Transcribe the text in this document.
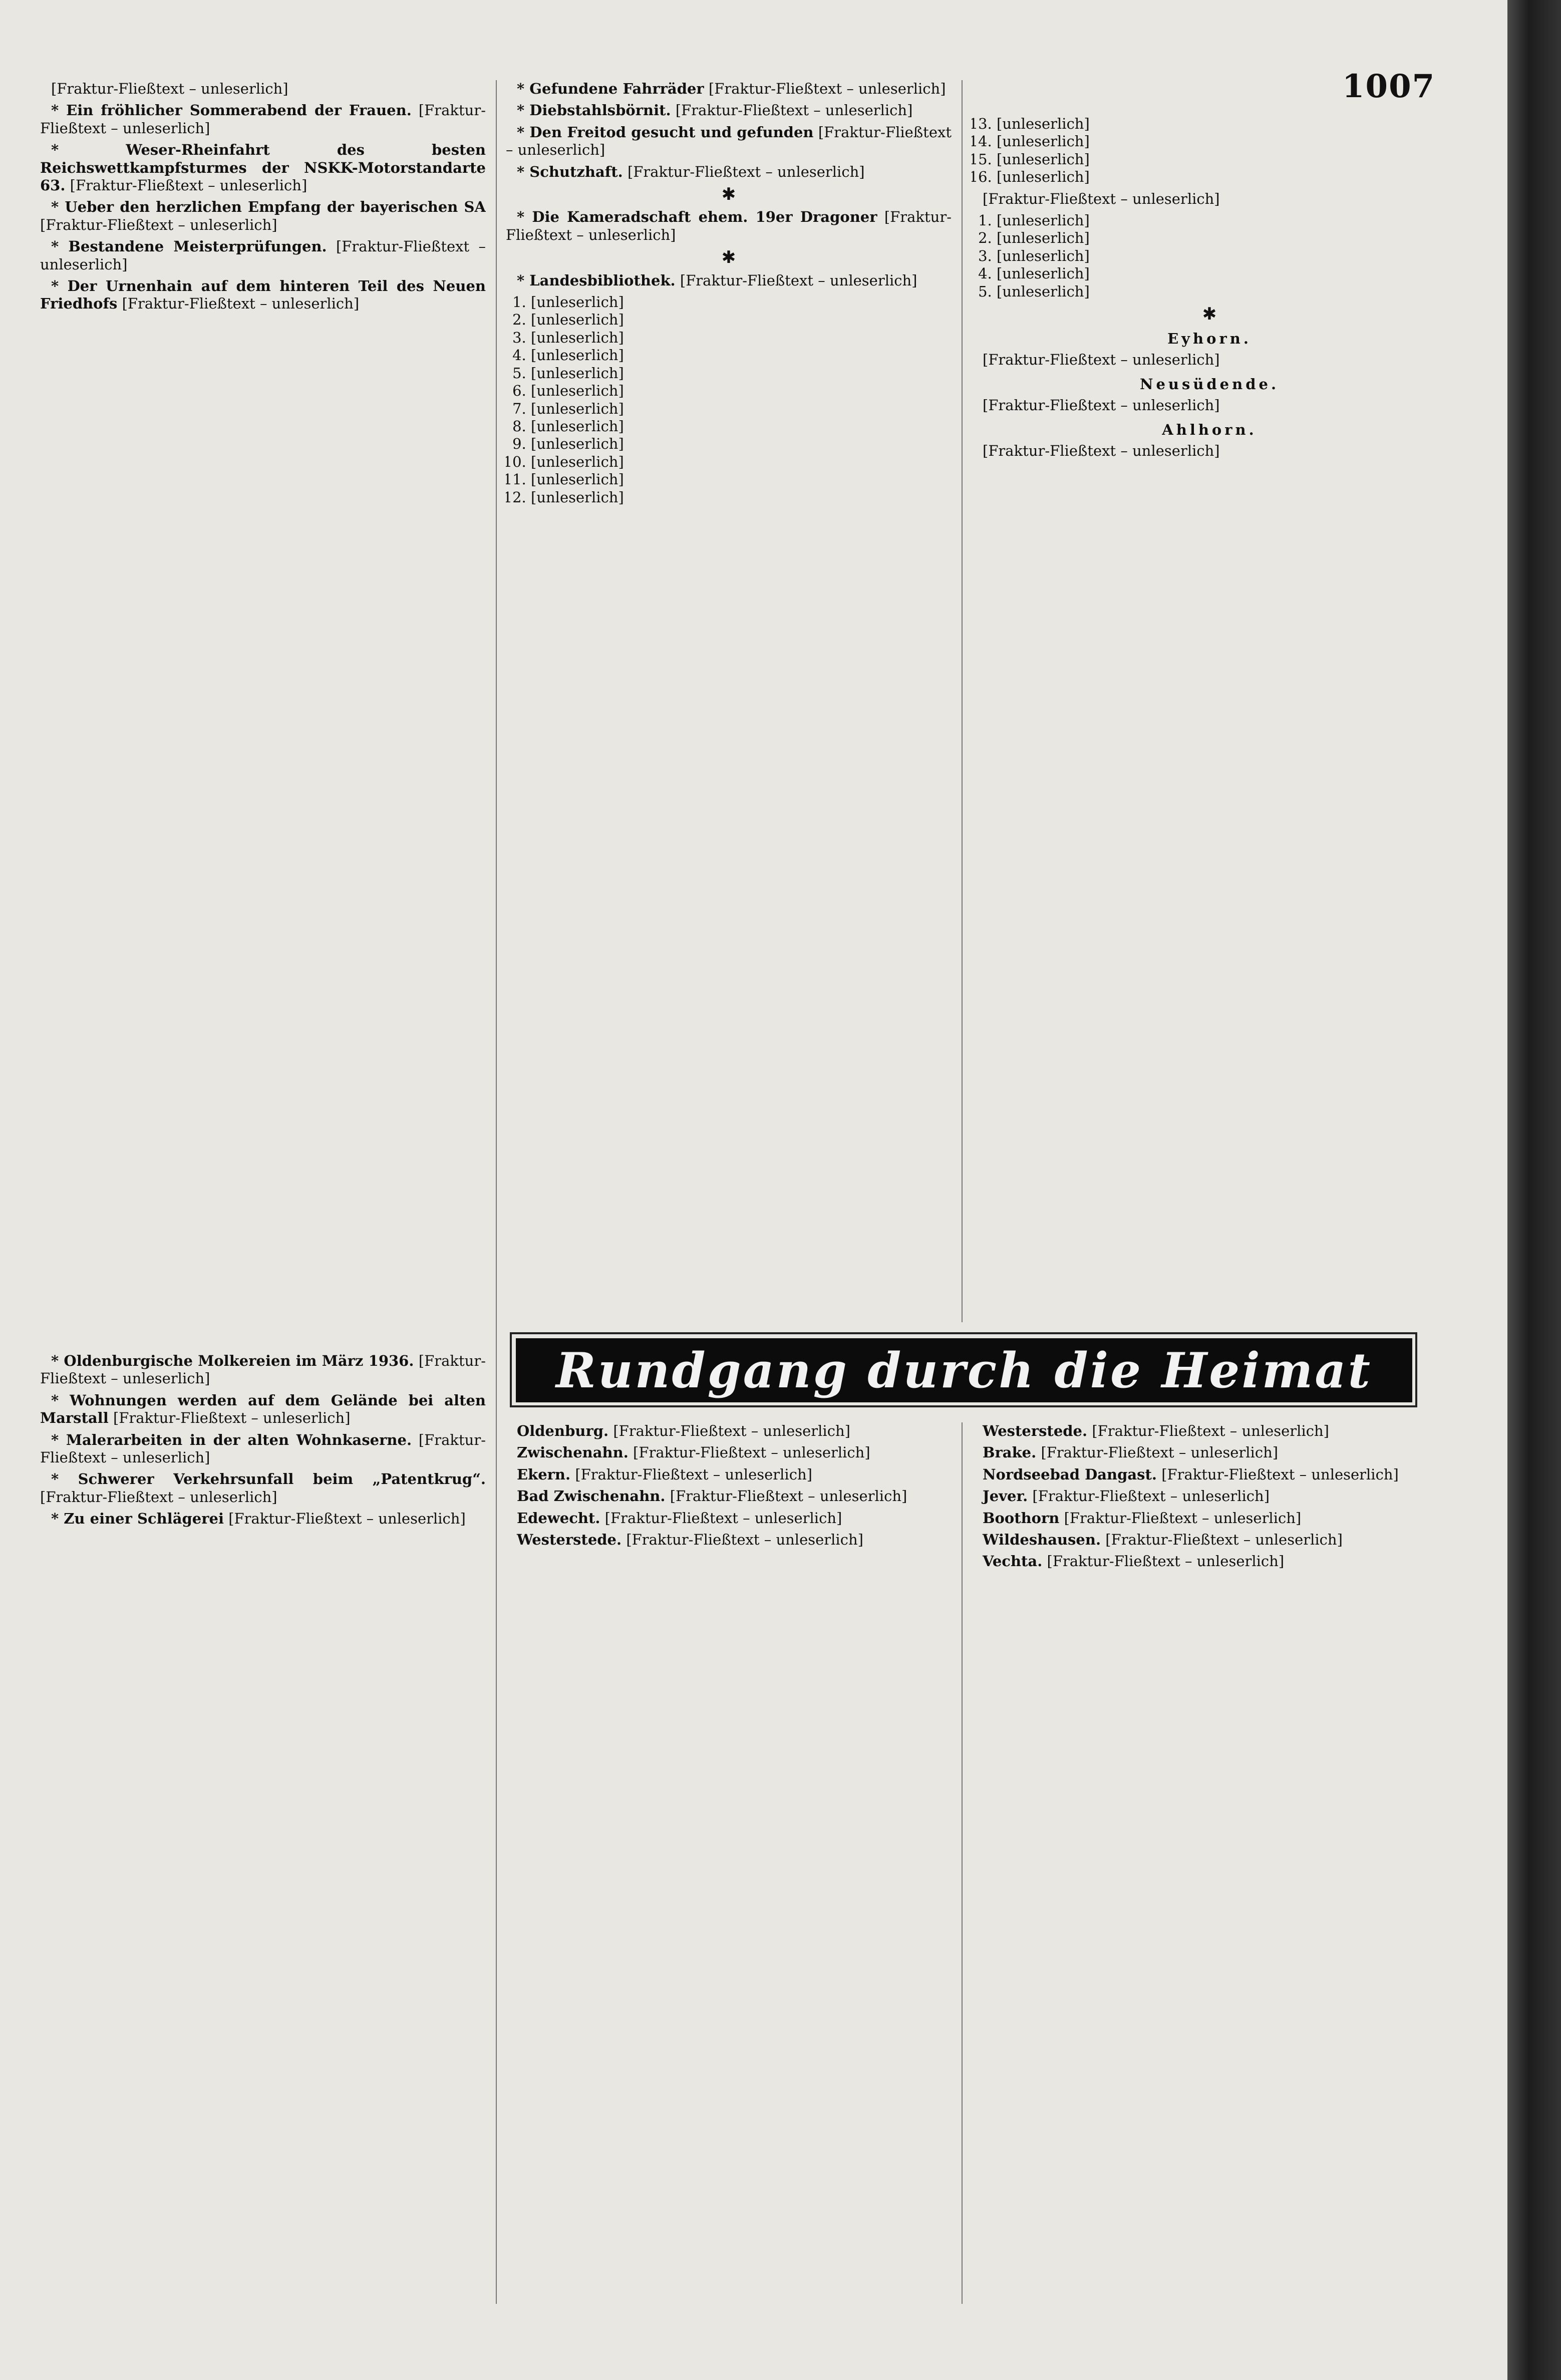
1007

[Fraktur-Fließtext – unleserlich]

* Ein fröhlicher Sommerabend der Frauen. [Fraktur-Fließtext – unleserlich]

* Weser-Rheinfahrt des besten Reichswettkampfsturmes der NSKK-Motorstandarte 63. [Fraktur-Fließtext – unleserlich]

* Ueber den herzlichen Empfang der bayerischen SA [Fraktur-Fließtext – unleserlich]

* Bestandene Meisterprüfungen. [Fraktur-Fließtext – unleserlich]

* Der Urnenhain auf dem hinteren Teil des Neuen Friedhofs [Fraktur-Fließtext – unleserlich]

* Gefundene Fahrräder [Fraktur-Fließtext – unleserlich]

* Diebstahlsbörnit. [Fraktur-Fließtext – unleserlich]

* Den Freitod gesucht und gefunden [Fraktur-Fließtext – unleserlich]

* Schutzhaft. [Fraktur-Fließtext – unleserlich]

✱

* Die Kameradschaft ehem. 19er Dragoner [Fraktur-Fließtext – unleserlich]

✱

* Landesbibliothek. [Fraktur-Fließtext – unleserlich]

1. [unleserlich]
2. [unleserlich]
3. [unleserlich]
4. [unleserlich]
5. [unleserlich]
6. [unleserlich]
7. [unleserlich]
8. [unleserlich]
9. [unleserlich]
10. [unleserlich]
11. [unleserlich]
12. [unleserlich]
13. [unleserlich]
14. [unleserlich]
15. [unleserlich]
16. [unleserlich]

[Fraktur-Fließtext – unleserlich]

1. [unleserlich]
2. [unleserlich]
3. [unleserlich]
4. [unleserlich]
5. [unleserlich]

✱

Eyhorn.

[Fraktur-Fließtext – unleserlich]

Neusüdende.

[Fraktur-Fließtext – unleserlich]

Ahlhorn.

[Fraktur-Fließtext – unleserlich]

Rundgang durch die Heimat

* Oldenburgische Molkereien im März 1936. [Fraktur-Fließtext – unleserlich]

* Wohnungen werden auf dem Gelände bei alten Marstall [Fraktur-Fließtext – unleserlich]

* Malerarbeiten in der alten Wohnkaserne. [Fraktur-Fließtext – unleserlich]

* Schwerer Verkehrsunfall beim „Patentkrug“. [Fraktur-Fließtext – unleserlich]

* Zu einer Schlägerei [Fraktur-Fließtext – unleserlich]

Oldenburg. [Fraktur-Fließtext – unleserlich]

Zwischenahn. [Fraktur-Fließtext – unleserlich]

Ekern. [Fraktur-Fließtext – unleserlich]

Bad Zwischenahn. [Fraktur-Fließtext – unleserlich]

Edewecht. [Fraktur-Fließtext – unleserlich]

Westerstede. [Fraktur-Fließtext – unleserlich]

Westerstede. [Fraktur-Fließtext – unleserlich]

Brake. [Fraktur-Fließtext – unleserlich]

Nordseebad Dangast. [Fraktur-Fließtext – unleserlich]

Jever. [Fraktur-Fließtext – unleserlich]

Boothorn [Fraktur-Fließtext – unleserlich]

Wildeshausen. [Fraktur-Fließtext – unleserlich]

Vechta. [Fraktur-Fließtext – unleserlich]
